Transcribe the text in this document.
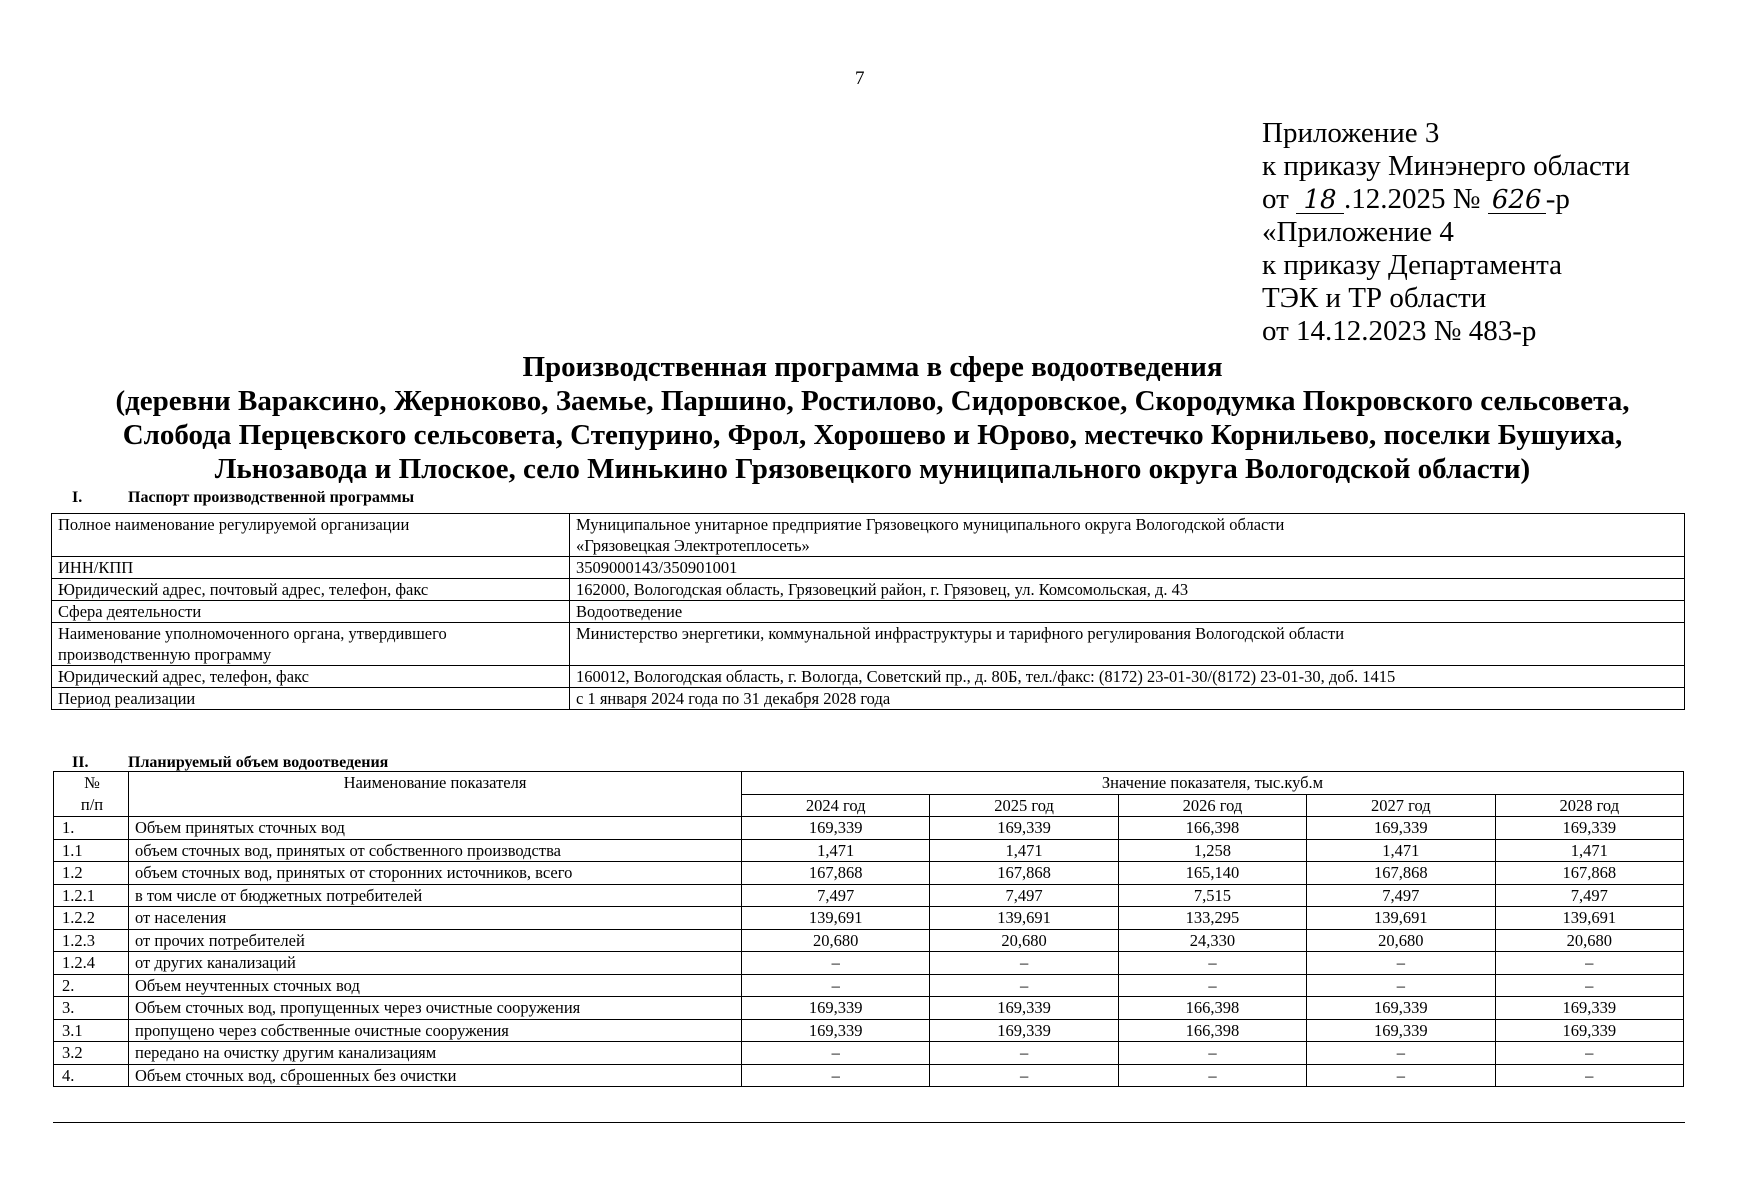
7
Приложение 3
к приказу Минэнерго области
от 18 .12.2025 № 626 -р
«Приложение 4
к приказу Департамента
ТЭК и ТР области
от 14.12.2023 № 483-р
Производственная программа в сфере водоотведения
(деревни Вараксино, Жерноково, Заемье, Паршино, Ростилово, Сидоровское, Скородумка Покровского сельсовета,
Слобода Перцевского сельсовета, Степурино, Фрол, Хорошево и Юрово, местечко Корнильево, поселки Бушуиха,
Льнозавода и Плоское, село Минькино Грязовецкого муниципального округа Вологодской области)
I.	Паспорт производственной программы
Полное наименование регулируемой организации	Муниципальное унитарное предприятие Грязовецкого муниципального округа Вологодской области
«Грязовецкая Электротеплосеть»

ИНН/КПП	3509000143/350901001

Юридический адрес, почтовый адрес, телефон, факс	162000, Вологодская область, Грязовецкий район, г. Грязовец, ул. Комсомольская, д. 43

Сфера деятельности	Водоотведение

Наименование уполномоченного органа, утвердившего
производственную программу	Министерство энергетики, коммунальной инфраструктуры и тарифного регулирования Вологодской области

Юридический адрес, телефон, факс	160012, Вологодская область, г. Вологда, Советский пр., д. 80Б, тел./факс: (8172) 23-01-30/(8172) 23-01-30, доб. 1415

Период реализации	с 1 января 2024 года по 31 декабря 2028 года
II. Планируемый объем водоотведения
№	Наименование показателя	Значение показателя, тыс.куб.м				
п/п		2024 год	2025 год	2026 год	2027 год	2028 год
1.	Объем принятых сточных вод	169,339	169,339	166,398	169,339	169,339
1.1	объем сточных вод, принятых от собственного производства	1,471	1,471	1,258	1,471	1,471
1.2	объем сточных вод, принятых от сторонних источников, всего	167,868	167,868	165,140	167,868	167,868
1.2.1	в том числе от бюджетных потребителей	7,497	7,497	7,515	7,497	7,497
1.2.2	от населения	139,691	139,691	133,295	139,691	139,691
1.2.3	от прочих потребителей	20,680	20,680	24,330	20,680	20,680
1.2.4	от других канализаций	–	–	–	–	–
2.	Объем неучтенных сточных вод	–	–	–	–	–
3.	Объем сточных вод, пропущенных через очистные сооружения	169,339	169,339	166,398	169,339	169,339
3.1	пропущено через собственные очистные сооружения	169,339	169,339	166,398	169,339	169,339
3.2	передано на очистку другим канализациям	–	–	–	–	–
4.	Объем сточных вод, сброшенных без очистки	–	–	–	–	–
